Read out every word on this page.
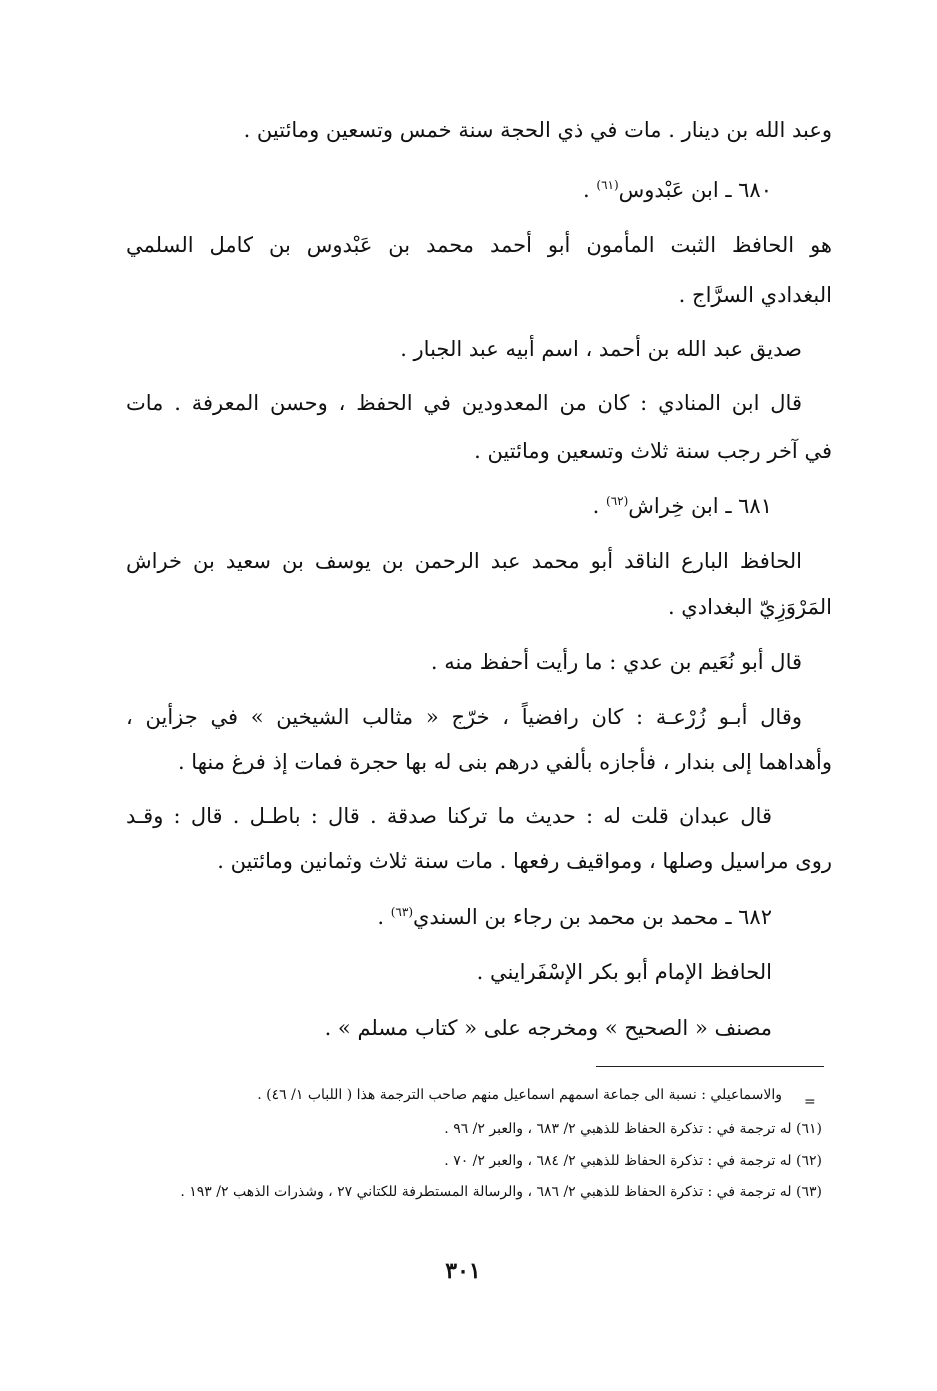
وعبد الله بن دينار . مات في ذي الحجة سنة خمس وتسعين ومائتين .
٦٨٠ ـ ابن عَبْدوس$^{(٦١)}$ .
هو الحافظ الثبت المأمون أبو أحمد محمد بن عَبْدوس بن كامل السلمي
البغدادي السرَّاج .
صديق عبد الله بن أحمد ، اسم أبيه عبد الجبار .
قال ابن المنادي : كان من المعدودين في الحفظ ، وحسن المعرفة . مات
في آخر رجب سنة ثلاث وتسعين ومائتين .
٦٨١ ـ ابن خِراش$^{(٦٢)}$ .
الحافظ البارع الناقد أبو محمد عبد الرحمن بن يوسف بن سعيد بن خراش
المَرْوَزِيّ البغدادي .
قال أبو نُعَيم بن عدي : ما رأيت أحفظ منه .
وقال أبـو زُرْعـة : كان رافضياً ، خرّج « مثالب الشيخين » في جزأين ،
وأهداهما إلى بندار ، فأجازه بألفي درهم بنى له بها حجرة فمات إذ فرغ منها .
قال عبدان قلت له : حديث ما تركنا صدقة . قال : باطـل . قال : وقـد
روى مراسيل وصلها ، ومواقيف رفعها . مات سنة ثلاث وثمانين ومائتين .
٦٨٢ ـ محمد بن محمد بن رجاء بن السندي$^{(٦٣)}$ .
الحافظ الإمام أبو بكر الإسْفَرايني .
مصنف « الصحيح » ومخرجه على « كتاب مسلم » .
=
والاسماعيلي : نسبة الى جماعة اسمهم اسماعيل منهم صاحب الترجمة هذا ( اللباب ١/ ٤٦) .
(٦١) له ترجمة في : تذكرة الحفاظ للذهبي ٢/ ٦٨٣ ، والعبر ٢/ ٩٦ .
(٦٢) له ترجمة في : تذكرة الحفاظ للذهبي ٢/ ٦٨٤ ، والعبر ٢/ ٧٠ .
(٦٣) له ترجمة في : تذكرة الحفاظ للذهبي ٢/ ٦٨٦ ، والرسالة المستطرفة للكتاني ٢٧ ، وشذرات الذهب ٢/ ١٩٣ .
٣٠١
